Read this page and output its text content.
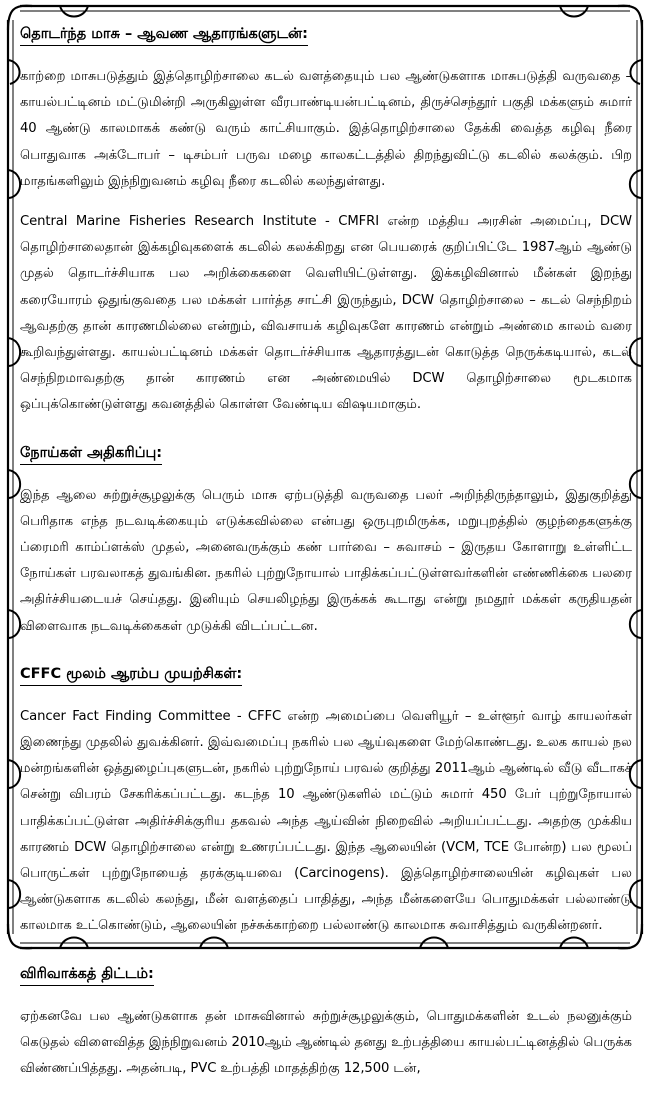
தொடர்ந்த மாசு – ஆவண ஆதாரங்களுடன்:

காற்றை மாசுபடுத்தும் இத்தொழிற்சாலை கடல் வளத்தையும் பல ஆண்டுகளாக மாசுபடுத்தி வருவதை – காயல்பட்டினம் மட்டுமின்றி அருகிலுள்ள வீரபாண்டியன்பட்டினம், திருச்செந்தூர் பகுதி மக்களும் சுமார் 40 ஆண்டு காலமாகக் கண்டு வரும் காட்சியாகும். இத்தொழிற்சாலை தேக்கி வைத்த கழிவு நீரை பொதுவாக அக்டோபர் – டிசம்பர் பருவ மழை காலகட்டத்தில் திறந்துவிட்டு கடலில் கலக்கும். பிற மாதங்களிலும் இந்நிறுவனம் கழிவு நீரை கடலில் கலந்துள்ளது.

Central Marine Fisheries Research Institute - CMFRI என்ற மத்திய அரசின் அமைப்பு, DCW தொழிற்சாலைதான் இக்கழிவுகளைக் கடலில் கலக்கிறது என பெயரைக் குறிப்பிட்டே 1987ஆம் ஆண்டு முதல் தொடர்ச்சியாக பல அறிக்கைகளை வெளியிட்டுள்ளது. இக்கழிவினால் மீன்கள் இறந்து கரையோரம் ஒதுங்குவதை பல மக்கள் பார்த்த சாட்சி இருந்தும், DCW தொழிற்சாலை – கடல் செந்நிறம் ஆவதற்கு தான் காரணமில்லை என்றும், விவசாயக் கழிவுகளே காரணம் என்றும் அண்மை காலம் வரை கூறிவந்துள்ளது. காயல்பட்டினம் மக்கள் தொடர்ச்சியாக ஆதாரத்துடன் கொடுத்த நெருக்கடியால், கடல் செந்நிறமாவதற்கு தான் காரணம் என அண்மையில் DCW தொழிற்சாலை மூடகமாக ஒப்புக்கொண்டுள்ளது கவனத்தில் கொள்ள வேண்டிய விஷயமாகும்.

நோய்கள் அதிகரிப்பு:

இந்த ஆலை சுற்றுச்சூழலுக்கு பெரும் மாசு ஏற்படுத்தி வருவதை பலர் அறிந்திருந்தாலும், இதுகுறித்து பெரிதாக எந்த நடவடிக்கையும் எடுக்கவில்லை என்பது ஒருபுறமிருக்க, மறுபுறத்தில் குழந்தைகளுக்கு ப்ரைமரி காம்ப்ளக்ஸ் முதல், அனைவருக்கும் கண் பார்வை – சுவாசம் – இருதய கோளாறு உள்ளிட்ட நோய்கள் பரவலாகத் துவங்கின. நகரில் புற்றுநோயால் பாதிக்கப்பட்டுள்ளவர்களின் எண்ணிக்கை பலரை அதிர்ச்சியடையச் செய்தது. இனியும் செயலிழந்து இருக்கக் கூடாது என்று நமதூர் மக்கள் கருதியதன் விளைவாக நடவடிக்கைகள் முடுக்கி விடப்பட்டன.

CFFC மூலம் ஆரம்ப முயற்சிகள்:

Cancer Fact Finding Committee - CFFC என்ற அமைப்பை வெளியூர் – உள்ளூர் வாழ் காயலர்கள் இணைந்து முதலில் துவக்கினர். இவ்வமைப்பு நகரில் பல ஆய்வுகளை மேற்கொண்டது. உலக காயல் நல மன்றங்களின் ஒத்துழைப்புகளுடன், நகரில் புற்றுநோய் பரவல் குறித்து 2011ஆம் ஆண்டில் வீடு வீடாகச் சென்று விபரம் சேகரிக்கப்பட்டது. கடந்த 10 ஆண்டுகளில் மட்டும் சுமார் 450 பேர் புற்றுநோயால் பாதிக்கப்பட்டுள்ள அதிர்ச்சிக்குரிய தகவல் அந்த ஆய்வின் நிறைவில் அறியப்பட்டது. அதற்கு முக்கிய காரணம் DCW தொழிற்சாலை என்று உணரப்பட்டது. இந்த ஆலையின் (VCM, TCE போன்ற) பல மூலப் பொருட்கள் புற்றுநோயைத் தரக்குடியவை (Carcinogens). இத்தொழிற்சாலையின் கழிவுகள் பல ஆண்டுகளாக கடலில் கலந்து, மீன் வளத்தைப் பாதித்து, அந்த மீன்களையே பொதுமக்கள் பல்லாண்டு காலமாக உட்கொண்டும், ஆலையின் நச்சுக்காற்றை பல்லாண்டு காலமாக சுவாசித்தும் வருகின்றனர்.

விரிவாக்கத் திட்டம்:

ஏற்கனவே பல ஆண்டுகளாக தன் மாசுவினால் சுற்றுச்சூழலுக்கும், பொதுமக்களின் உடல் நலனுக்கும் கெடுதல் விளைவித்த இந்நிறுவனம் 2010ஆம் ஆண்டில் தனது உற்பத்தியை காயல்பட்டினத்தில் பெருக்க விண்ணப்பித்தது. அதன்படி, PVC உற்பத்தி மாதத்திற்கு 12,500 டன்,
